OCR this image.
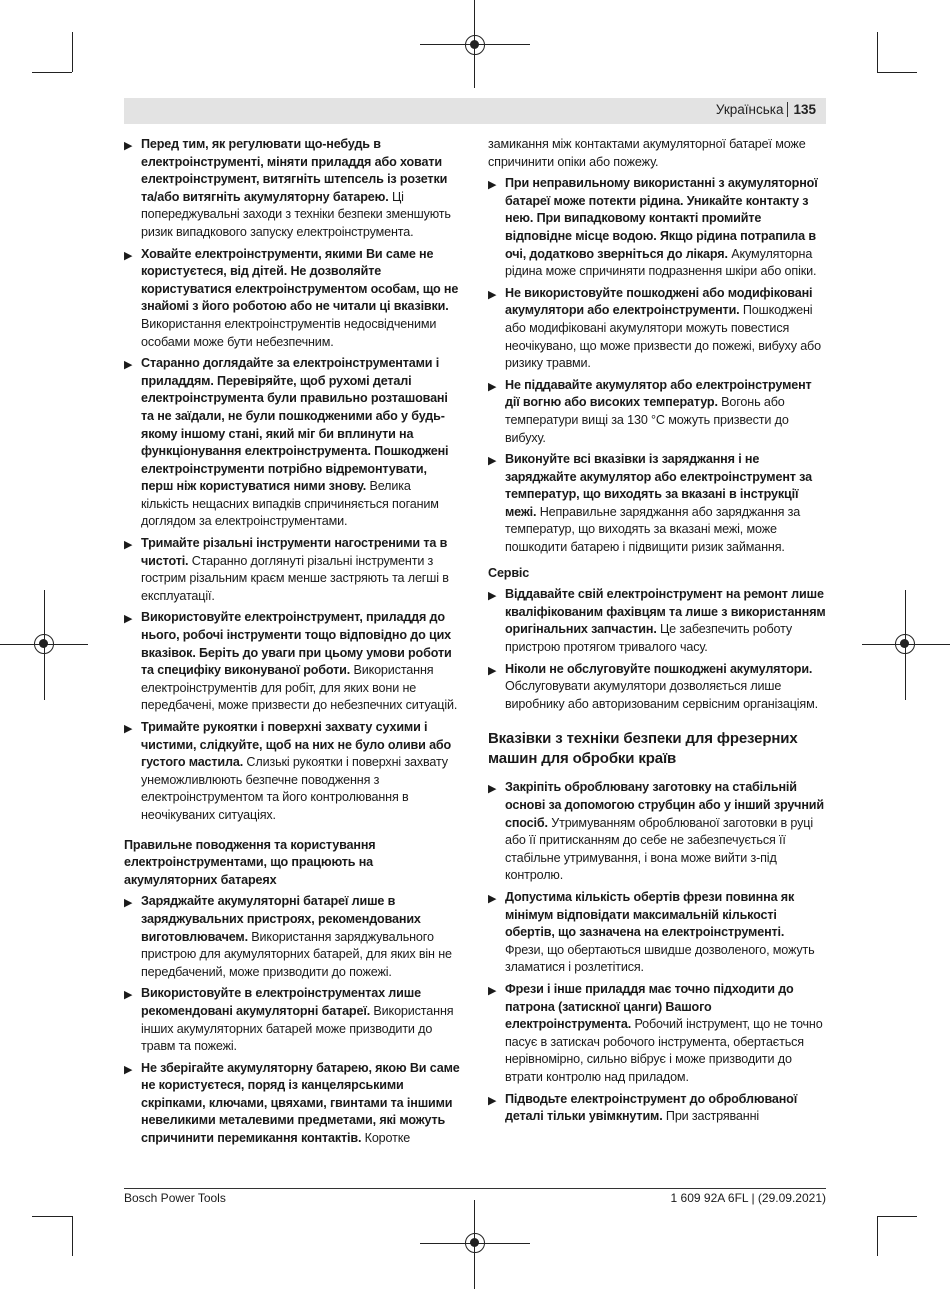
Українська 135
▶ Перед тим, як регулювати що-небудь в електроінструменті, міняти приладдя або ховати електроінструмент, витягніть штепсель із розетки та/або витягніть акумуляторну батарею. Ці попереджувальні заходи з техніки безпеки зменшують ризик випадкового запуску електроінструмента.
▶ Ховайте електроінструменти, якими Ви саме не користуєтеся, від дітей. Не дозволяйте користуватися електроінструментом особам, що не знайомі з його роботою або не читали ці вказівки. Використання електроінструментів недосвідченими особами може бути небезпечним.
▶ Старанно доглядайте за електроінструментами і приладдям. Перевіряйте, щоб рухомі деталі електроінструмента були правильно розташовані та не заїдали, не були пошкодженими або у будь-якому іншому стані, який міг би вплинути на функціонування електроінструмента. Пошкоджені електроінструменти потрібно відремонтувати, перш ніж користуватися ними знову. Велика кількість нещасних випадків спричиняється поганим доглядом за електроінструментами.
▶ Тримайте різальні інструменти нагостреними та в чистоті. Старанно доглянуті різальні інструменти з гострим різальним краєм менше застряють та легші в експлуатації.
▶ Використовуйте електроінструмент, приладдя до нього, робочі інструменти тощо відповідно до цих вказівок. Беріть до уваги при цьому умови роботи та специфіку виконуваної роботи. Використання електроінструментів для робіт, для яких вони не передбачені, може призвести до небезпечних ситуацій.
▶ Тримайте рукоятки і поверхні захвату сухими і чистими, слідкуйте, щоб на них не було оливи або густого мастила. Слизькі рукоятки і поверхні захвату унеможливлюють безпечне поводження з електроінструментом та його контролювання в неочікуваних ситуаціях.
Правильне поводження та користування електроінструментами, що працюють на акумуляторних батареях
▶ Заряджайте акумуляторні батареї лише в заряджувальних пристроях, рекомендованих виготовлювачем. Використання заряджувального пристрою для акумуляторних батарей, для яких він не передбачений, може призводити до пожежі.
▶ Використовуйте в електроінструментах лише рекомендовані акумуляторні батареї. Використання інших акумуляторних батарей може призводити до травм та пожежі.
▶ Не зберігайте акумуляторну батарею, якою Ви саме не користуєтеся, поряд із канцелярськими скріпками, ключами, цвяхами, гвинтами та іншими невеликими металевими предметами, які можуть спричинити перемикання контактів. Коротке
замикання між контактами акумуляторної батареї може спричинити опіки або пожежу.
▶ При неправильному використанні з акумуляторної батареї може потекти рідина. Уникайте контакту з нею. При випадковому контакті промийте відповідне місце водою. Якщо рідина потрапила в очі, додатково зверніться до лікаря. Акумуляторна рідина може спричиняти подразнення шкіри або опіки.
▶ Не використовуйте пошкоджені або модифіковані акумулятори або електроінструменти. Пошкоджені або модифіковані акумулятори можуть повестися неочікувано, що може призвести до пожежі, вибуху або ризику травми.
▶ Не піддавайте акумулятор або електроінструмент дії вогню або високих температур. Вогонь або температури вищі за 130 °C можуть призвести до вибуху.
▶ Виконуйте всі вказівки із заряджання і не заряджайте акумулятор або електроінструмент за температур, що виходять за вказані в інструкції межі. Неправильне заряджання або заряджання за температур, що виходять за вказані межі, може пошкодити батарею і підвищити ризик займання.
Сервіс
▶ Віддавайте свій електроінструмент на ремонт лише кваліфікованим фахівцям та лише з використанням оригінальних запчастин. Це забезпечить роботу пристрою протягом тривалого часу.
▶ Ніколи не обслуговуйте пошкоджені акумулятори. Обслуговувати акумулятори дозволяється лише виробнику або авторизованим сервісним організаціям.
Вказівки з техніки безпеки для фрезерних машин для обробки країв
▶ Закріпіть оброблювану заготовку на стабільній основі за допомогою струбцин або у інший зручний спосіб. Утримуванням оброблюваної заготовки в руці або її притисканням до себе не забезпечується її стабільне утримування, і вона може вийти з-під контролю.
▶ Допустима кількість обертів фрези повинна як мінімум відповідати максимальній кількості обертів, що зазначена на електроінструменті. Фрези, що обертаються швидше дозволеного, можуть зламатися і розлетітися.
▶ Фрези і інше приладдя має точно підходити до патрона (затискної цанги) Вашого електроінструмента. Робочий інструмент, що не точно пасує в затискач робочого інструмента, обертається нерівномірно, сильно вібрує і може призводити до втрати контролю над приладом.
▶ Підводьте електроінструмент до оброблюваної деталі тільки увімкнутим. При застряванні
Bosch Power Tools	1 609 92A 6FL | (29.09.2021)
